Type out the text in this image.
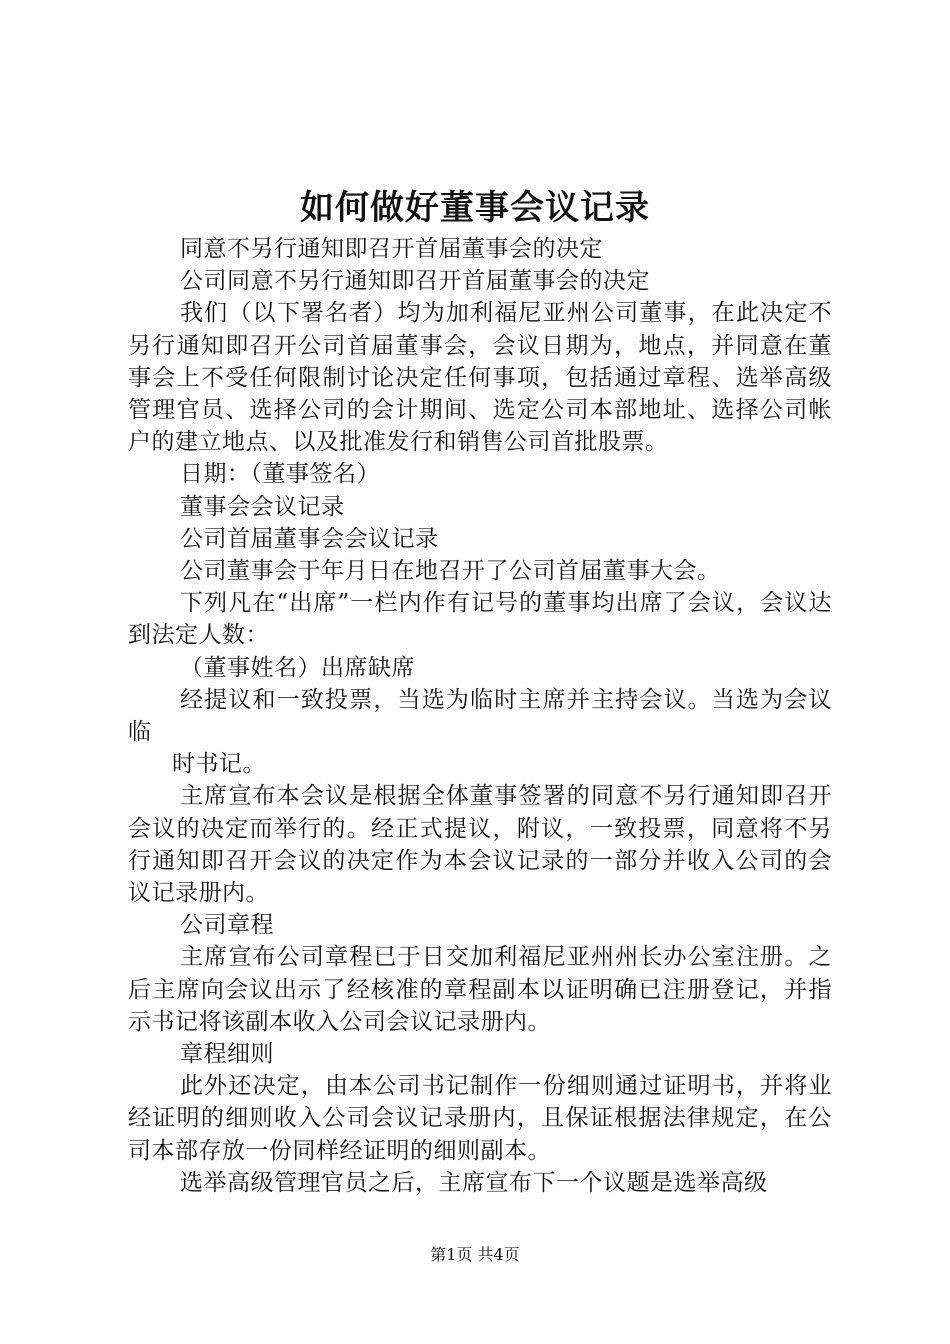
如何做好董事会议记录

同意不另行通知即召开首届董事会的决定

公司同意不另行通知即召开首届董事会的决定

我们（以下署名者）均为加利福尼亚州公司董事，在此决定不另行通知即召开公司首届董事会，会议日期为，地点，并同意在董事会上不受任何限制讨论决定任何事项，包括通过章程、选举高级管理官员、选择公司的会计期间、选定公司本部地址、选择公司帐户的建立地点、以及批准发行和销售公司首批股票。

日期：（董事签名）

董事会会议记录

公司首届董事会会议记录

公司董事会于年月日在地召开了公司首届董事大会。

下列凡在“出席”一栏内作有记号的董事均出席了会议，会议达到法定人数：

（董事姓名）出席缺席

经提议和一致投票，当选为临时主席并主持会议。当选为会议临

时书记。

主席宣布本会议是根据全体董事签署的同意不另行通知即召开会议的决定而举行的。经正式提议，附议，一致投票，同意将不另行通知即召开会议的决定作为本会议记录的一部分并收入公司的会议记录册内。

公司章程

主席宣布公司章程已于日交加利福尼亚州州长办公室注册。之后主席向会议出示了经核准的章程副本以证明确已注册登记，并指示书记将该副本收入公司会议记录册内。

章程细则

此外还决定，由本公司书记制作一份细则通过证明书，并将业经证明的细则收入公司会议记录册内，且保证根据法律规定，在公司本部存放一份同样经证明的细则副本。

选举高级管理官员之后，主席宣布下一个议题是选举高级

第1页 共4页
